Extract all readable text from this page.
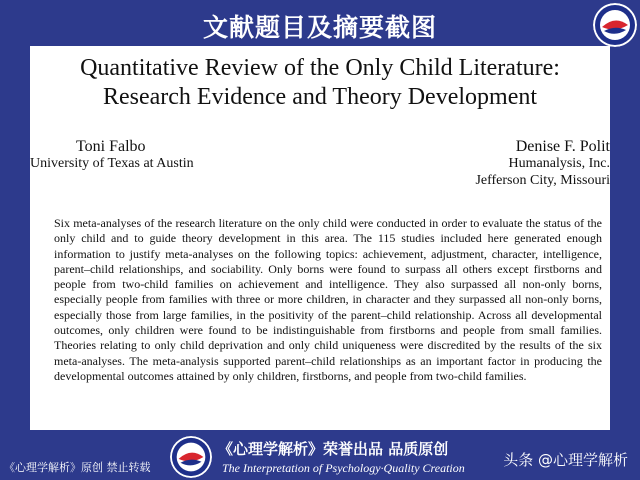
文献题目及摘要截图
Quantitative Review of the Only Child Literature:
Research Evidence and Theory Development
Toni Falbo
University of Texas at Austin
Denise F. Polit
Humanalysis, Inc.
Jefferson City, Missouri

Six meta-analyses of the research literature on the only child were conducted in order to evaluate the status of the only child and to guide theory development in this area. The 115 studies included here generated enough information to justify meta-analyses on the following topics: achievement, adjustment, character, intelligence, parent–child relationships, and sociability. Only borns were found to surpass all others except firstborns and people from two-child families on achievement and intelligence. They also surpassed all non-only borns, especially people from families with three or more children, in character and they surpassed all non-only borns, especially those from large families, in the positivity of the parent–child relationship. Across all developmental outcomes, only children were found to be indistinguishable from firstborns and people from small families. Theories relating to only child deprivation and only child uniqueness were discredited by the results of the six meta-analyses. The meta-analysis supported parent–child relationships as an important factor in producing the developmental outcomes attained by only children, firstborns, and people from two-child families.

《心理学解析》原创 禁止转载
《心理学解析》荣誉出品 品质原创
The Interpretation of Psychology·Quality Creation	头条 @心理学解析
